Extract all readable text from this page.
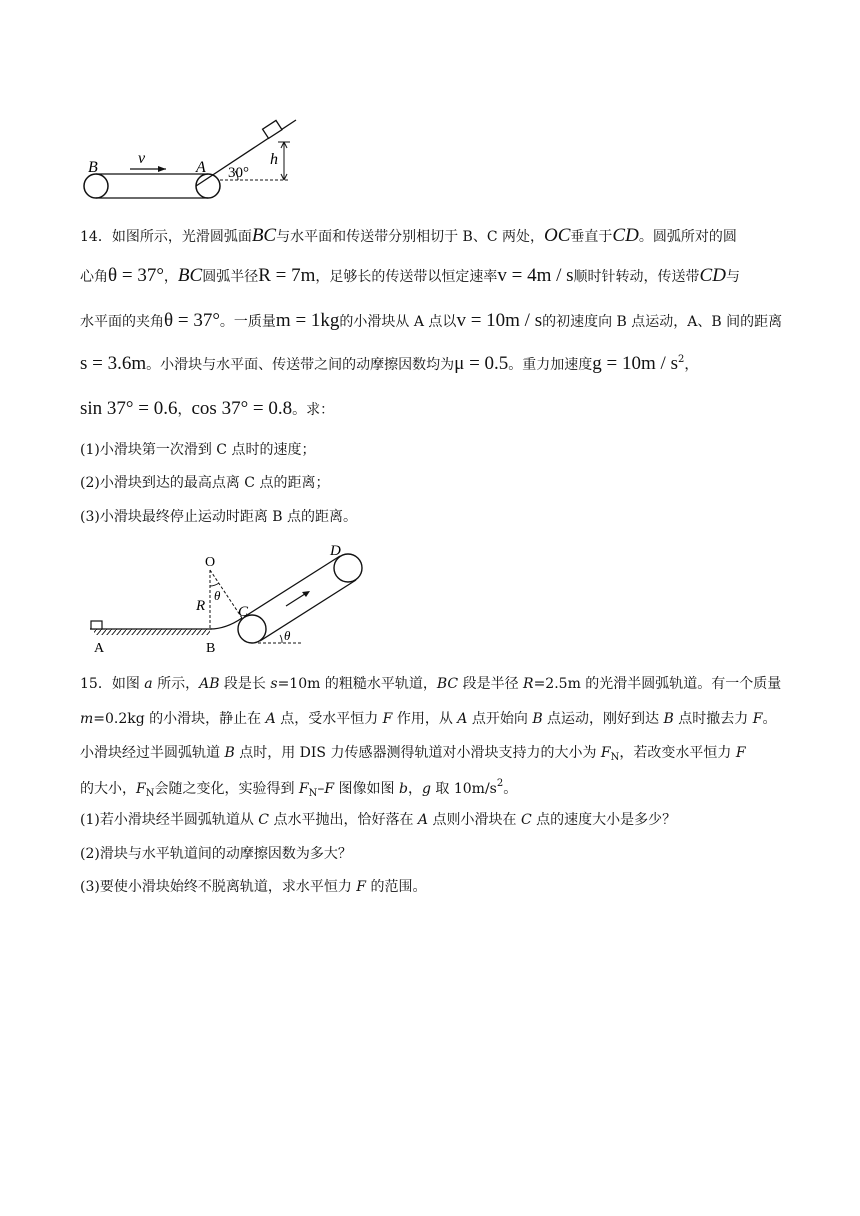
B
v
A 30°
h
14．如图所示，光滑圆弧面BC与水平面和传送带分别相切于 B、C 两处，OC垂直于CD。圆弧所对的圆
心角θ = 37°，BC圆弧半径R = 7m，足够长的传送带以恒定速率v = 4m / s顺时针转动，传送带CD与
水平面的夹角θ = 37°。一质量m = 1kg的小滑块从 A 点以v = 10m / s的初速度向 B 点运动，A、B 间的距离
s = 3.6m。小滑块与水平面、传送带之间的动摩擦因数均为μ = 0.5。重力加速度$g = 10m / s^2$，
sin 37° = 0.6，cos 37° = 0.8。求：
(1)小滑块第一次滑到 C 点时的速度；
(2)小滑块到达的最高点离 C 点的距离；
(3)小滑块最终停止运动时距离 B 点的距离。
O
D
R
θ
C
θ
A	B
15．如图 a 所示，AB 段是长 s=10m 的粗糙水平轨道，BC 段是半径 R=2.5m 的光滑半圆弧轨道。有一个质量
m=0.2kg 的小滑块，静止在 A 点，受水平恒力 F 作用，从 A 点开始向 B 点运动，刚好到达 B 点时撤去力 F。
小滑块经过半圆弧轨道 B 点时，用 DIS 力传感器测得轨道对小滑块支持力的大小为 $F_N$，若改变水平恒力 F
的大小，$F_N$会随之变化，实验得到 $F_N-F$ 图像如图 b，g 取 $10m/s^2$。
(1)若小滑块经半圆弧轨道从 C 点水平抛出，恰好落在 A 点则小滑块在 C 点的速度大小是多少？
(2)滑块与水平轨道间的动摩擦因数为多大？
(3)要使小滑块始终不脱离轨道，求水平恒力 F 的范围。
